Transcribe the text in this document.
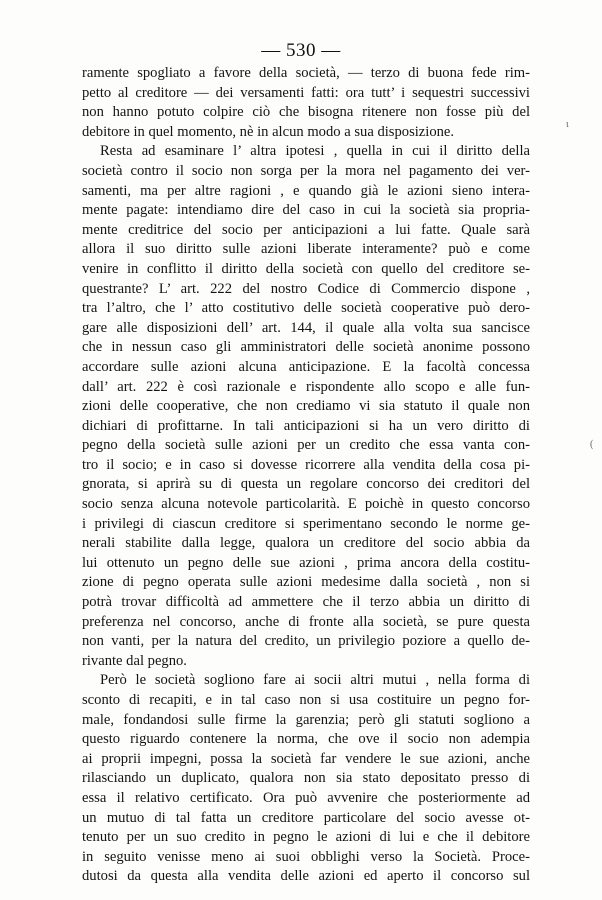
— 530 —
ι
(
ramente spogliato a favore della società, — terzo di buona fede rim-
petto al creditore — dei versamenti fatti: ora tutt’ i sequestri successivi
non hanno potuto colpire ciò che bisogna ritenere non fosse più del
debitore in quel momento, nè in alcun modo a sua disposizione.
Resta ad esaminare l’ altra ipotesi , quella in cui il diritto della
società contro il socio non sorga per la mora nel pagamento dei ver-
samenti, ma per altre ragioni , e quando già le azioni sieno intera-
mente pagate: intendiamo dire del caso in cui la società sia propria-
mente creditrice del socio per anticipazioni a lui fatte. Quale sarà
allora il suo diritto sulle azioni liberate interamente? può e come
venire in conflitto il diritto della società con quello del creditore se-
questrante? L’ art. 222 del nostro Codice di Commercio dispone ,
tra l’altro, che l’ atto costitutivo delle società cooperative può dero-
gare alle disposizioni dell’ art. 144, il quale alla volta sua sancisce
che in nessun caso gli amministratori delle società anonime possono
accordare sulle azioni alcuna anticipazione. E la facoltà concessa
dall’ art. 222 è così razionale e rispondente allo scopo e alle fun-
zioni delle cooperative, che non crediamo vi sia statuto il quale non
dichiari di profittarne. In tali anticipazioni si ha un vero diritto di
pegno della società sulle azioni per un credito che essa vanta con-
tro il socio; e in caso si dovesse ricorrere alla vendita della cosa pi-
gnorata, si aprirà su di questa un regolare concorso dei creditori del
socio senza alcuna notevole particolarità. E poichè in questo concorso
i privilegi di ciascun creditore si sperimentano secondo le norme ge-
nerali stabilite dalla legge, qualora un creditore del socio abbia da
lui ottenuto un pegno delle sue azioni , prima ancora della costitu-
zione di pegno operata sulle azioni medesime dalla società , non si
potrà trovar difficoltà ad ammettere che il terzo abbia un diritto di
preferenza nel concorso, anche di fronte alla società, se pure questa
non vanti, per la natura del credito, un privilegio poziore a quello de-
rivante dal pegno.
Però le società sogliono fare ai socii altri mutui , nella forma di
sconto di recapiti, e in tal caso non si usa costituire un pegno for-
male, fondandosi sulle firme la garenzia; però gli statuti sogliono a
questo riguardo contenere la norma, che ove il socio non adempia
ai proprii impegni, possa la società far vendere le sue azioni, anche
rilasciando un duplicato, qualora non sia stato depositato presso di
essa il relativo certificato. Ora può avvenire che posteriormente ad
un mutuo di tal fatta un creditore particolare del socio avesse ot-
tenuto per un suo credito in pegno le azioni di lui e che il debitore
in seguito venisse meno ai suoi obblighi verso la Società. Proce-
dutosi da questa alla vendita delle azioni ed aperto il concorso sul
